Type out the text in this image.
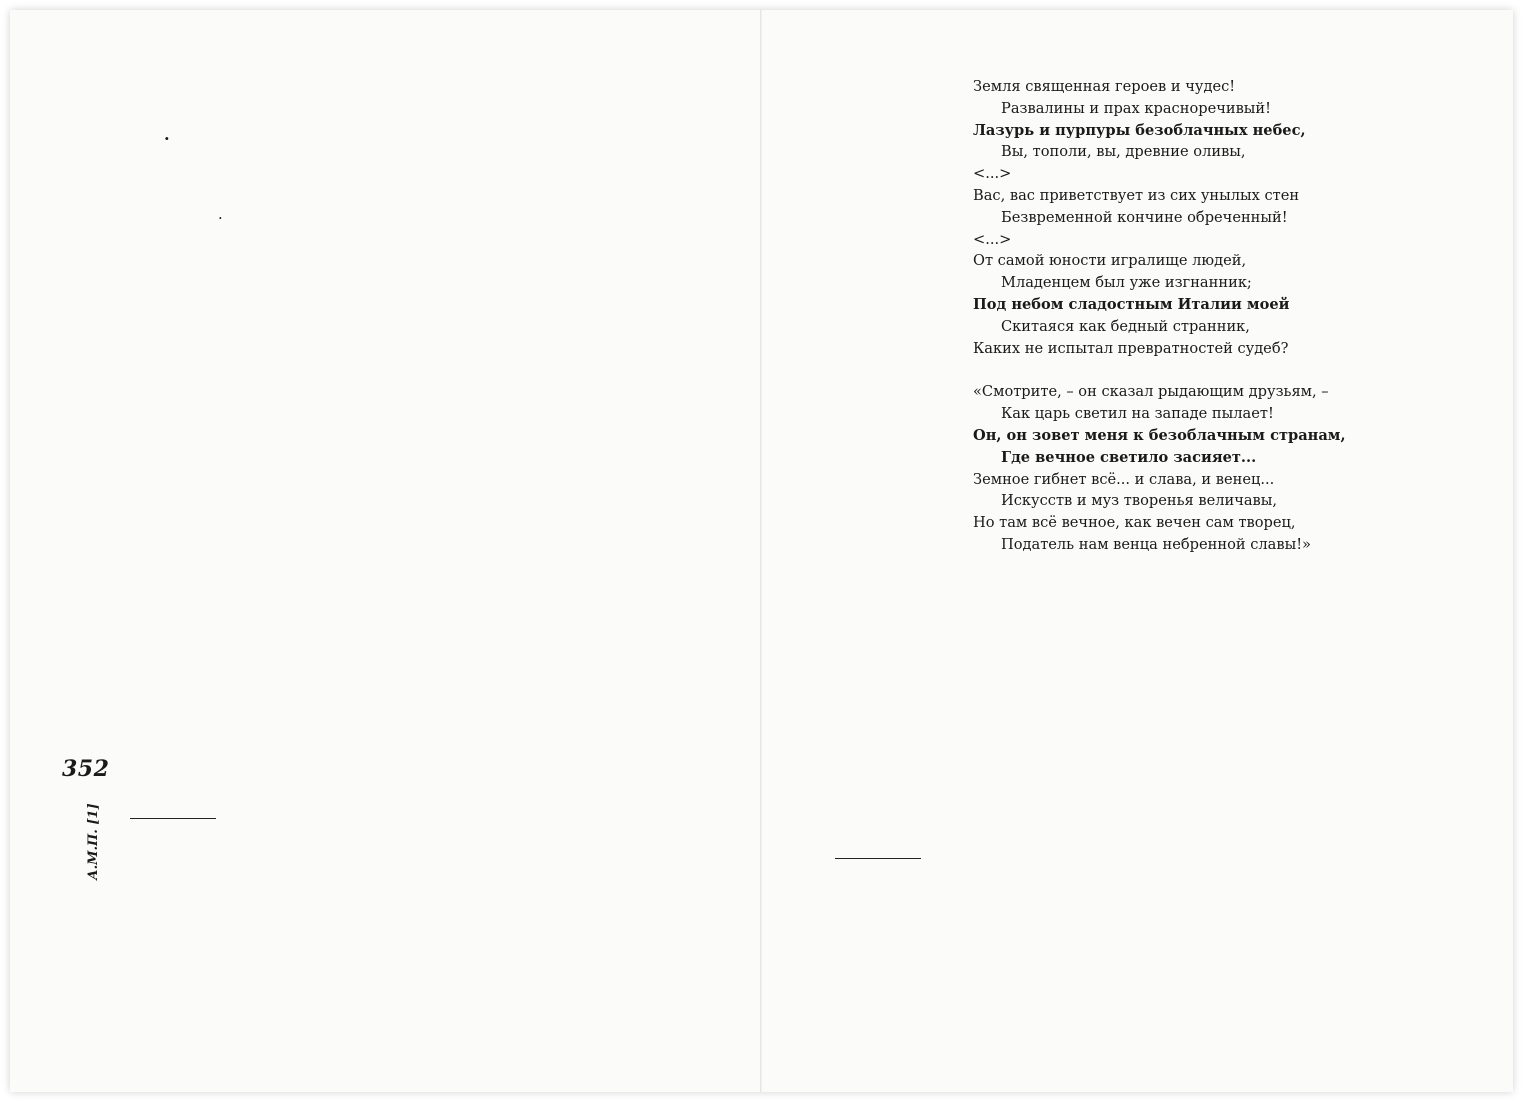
352
А.М.П. [1]

.

.

Земля священная героев и чудес!
Развалины и прах красноречивый!
Лазурь и пурпуры безоблачных небес,
Вы, тополи, вы, древние оливы,
<...>
Вас, вас приветствует из сих унылых стен
Безвременной кончине обреченный!
<...>
От самой юности игралище людей,
Младенцем был уже изгнанник;
Под небом сладостным Италии моей
Скитаяся как бедный странник,
Каких не испытал превратностей судеб?

«Смотрите, – он сказал рыдающим друзьям, –
Как царь светил на западе пылает!
Он, он зовет меня к безоблачным странам,
Где вечное светило засияет...
Земное гибнет всё... и слава, и венец...
Искусств и муз творенья величавы,
Но там всё вечное, как вечен сам творец,
Податель нам венца небренной славы!»
